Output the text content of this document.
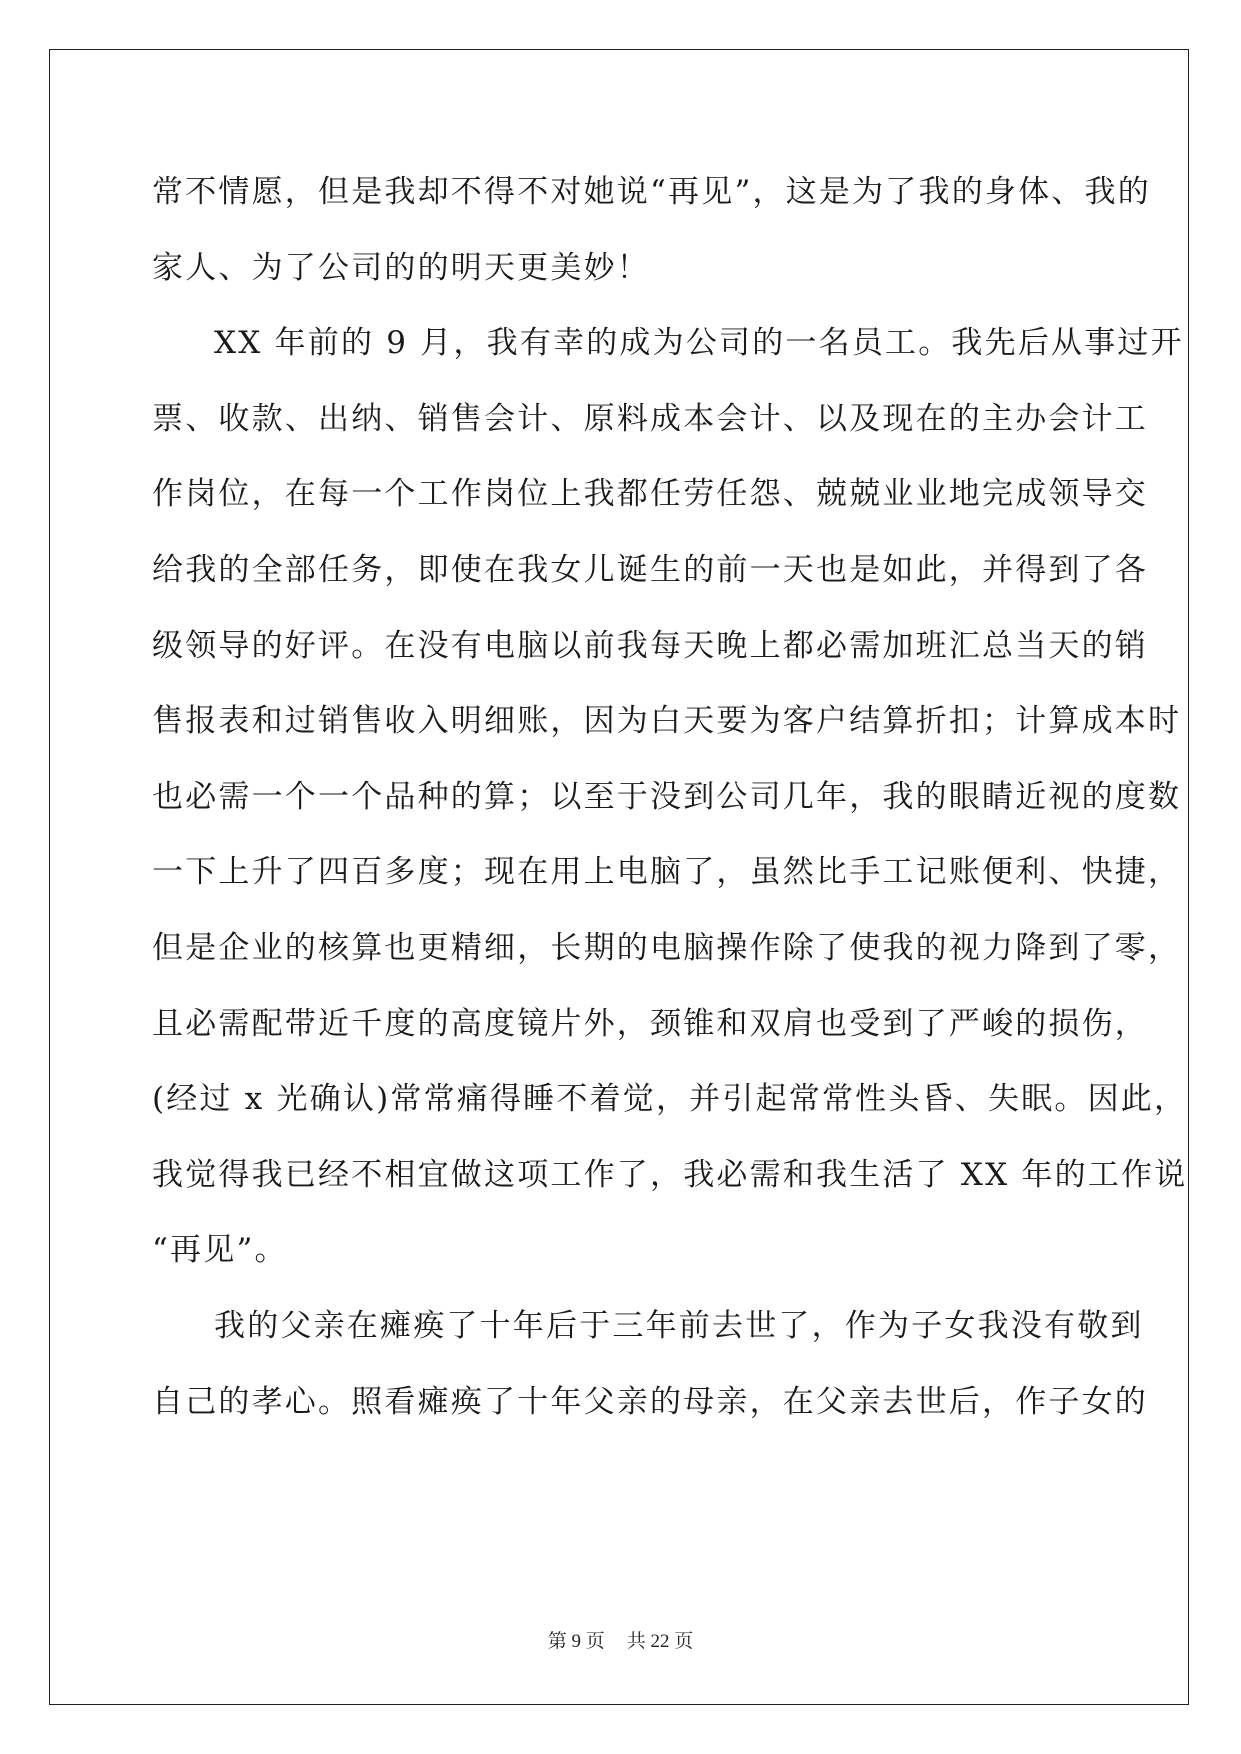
常不情愿，但是我却不得不对她说“再见”，这是为了我的身体、我的
家人、为了公司的的明天更美妙！
XX 年前的 9 月，我有幸的成为公司的一名员工。我先后从事过开
票、收款、出纳、销售会计、原料成本会计、以及现在的主办会计工
作岗位，在每一个工作岗位上我都任劳任怨、兢兢业业地完成领导交
给我的全部任务，即使在我女儿诞生的前一天也是如此，并得到了各
级领导的好评。在没有电脑以前我每天晚上都必需加班汇总当天的销
售报表和过销售收入明细账，因为白天要为客户结算折扣；计算成本时
也必需一个一个品种的算；以至于没到公司几年，我的眼睛近视的度数
一下上升了四百多度；现在用上电脑了，虽然比手工记账便利、快捷，
但是企业的核算也更精细，长期的电脑操作除了使我的视力降到了零，
且必需配带近千度的高度镜片外，颈锥和双肩也受到了严峻的损伤，
(经过 x 光确认)常常痛得睡不着觉，并引起常常性头昏、失眠。因此，
我觉得我已经不相宜做这项工作了，我必需和我生活了 XX 年的工作说
“再见”。
我的父亲在瘫痪了十年后于三年前去世了，作为子女我没有敬到
自己的孝心。照看瘫痪了十年父亲的母亲，在父亲去世后，作子女的
第 9 页 共 22 页
